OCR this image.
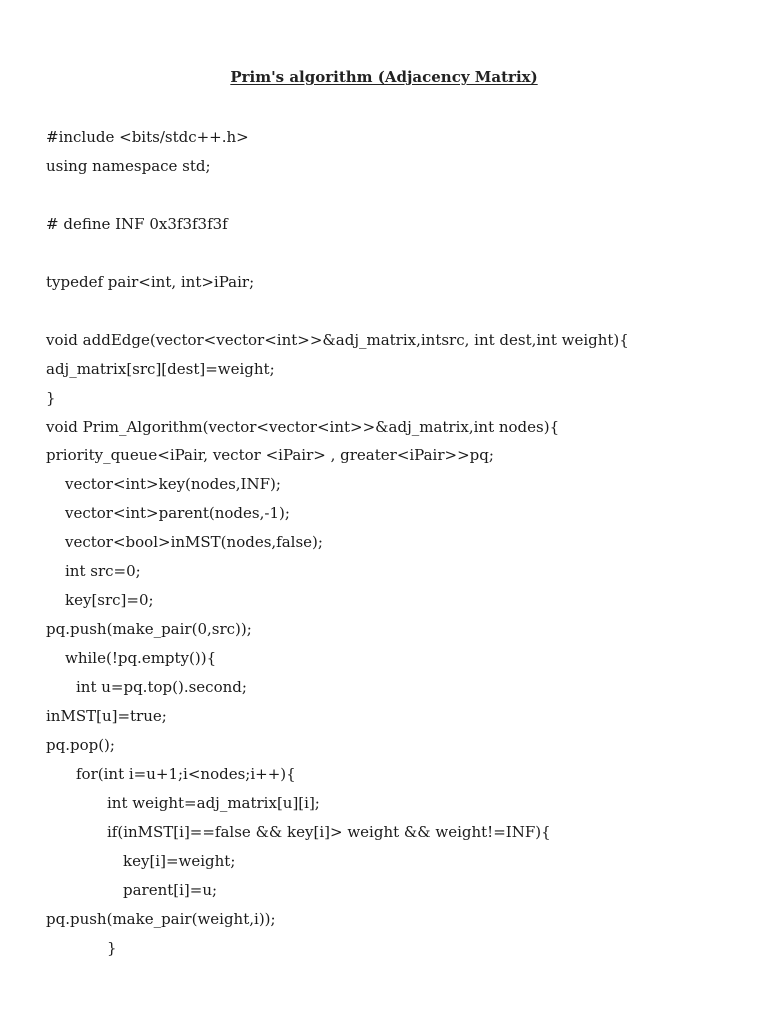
Prim's algorithm (Adjacency Matrix)
#include <bits/stdc++.h>
using namespace std;
# define INF 0x3f3f3f3f
typedef pair<int, int>iPair;
void addEdge(vector<vector<int>>&adj_matrix,intsrc, int dest,int weight){
adj_matrix[src][dest]=weight;
}
void Prim_Algorithm(vector<vector<int>>&adj_matrix,int nodes){
priority_queue<iPair, vector <iPair> , greater<iPair>>pq;
vector<int>key(nodes,INF);
vector<int>parent(nodes,-1);
vector<bool>inMST(nodes,false);
int src=0;
key[src]=0;
pq.push(make_pair(0,src));
while(!pq.empty()){
int u=pq.top().second;
inMST[u]=true;
pq.pop();
for(int i=u+1;i<nodes;i++){
int weight=adj_matrix[u][i];
if(inMST[i]==false && key[i]> weight && weight!=INF){
key[i]=weight;
parent[i]=u;
pq.push(make_pair(weight,i));
}
